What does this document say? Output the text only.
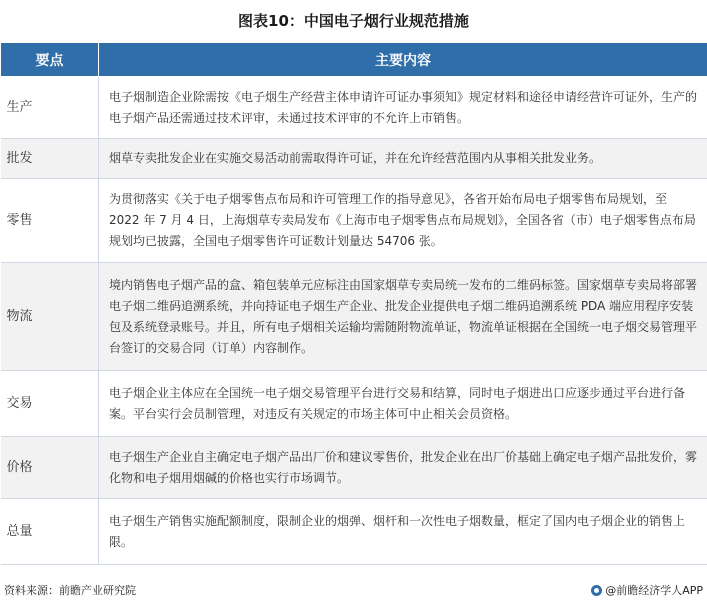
图表10：中国电子烟行业规范措施
要点	主要内容
生产	电子烟制造企业除需按《电子烟生产经营主体申请许可证办事须知》规定材料和途径申请经营许可证外，生产的电子烟产品还需通过技术评审，未通过技术评审的不允许上市销售。
批发	烟草专卖批发企业在实施交易活动前需取得许可证，并在允许经营范围内从事相关批发业务。
零售	为贯彻落实《关于电子烟零售点布局和许可管理工作的指导意见》，各省开始布局电子烟零售布局规划，至 2022 年 7 月 4 日，上海烟草专卖局发布《上海市电子烟零售点布局规划》，全国各省（市）电子烟零售点布局规划均已披露，全国电子烟零售许可证数计划量达 54706 张。
物流	境内销售电子烟产品的盒、箱包装单元应标注由国家烟草专卖局统一发布的二维码标签。国家烟草专卖局将部署电子烟二维码追溯系统，并向持证电子烟生产企业、批发企业提供电子烟二维码追溯系统 PDA 端应用程序安装包及系统登录账号。并且，所有电子烟相关运输均需随附物流单证，物流单证根据在全国统一电子烟交易管理平台签订的交易合同（订单）内容制作。
交易	电子烟企业主体应在全国统一电子烟交易管理平台进行交易和结算，同时电子烟进出口应逐步通过平台进行备案。平台实行会员制管理，对违反有关规定的市场主体可中止相关会员资格。
价格	电子烟生产企业自主确定电子烟产品出厂价和建议零售价，批发企业在出厂价基础上确定电子烟产品批发价，雾化物和电子烟用烟碱的价格也实行市场调节。
总量	电子烟生产销售实施配额制度，限制企业的烟弹、烟杆和一次性电子烟数量，框定了国内电子烟企业的销售上限。
资料来源：前瞻产业研究院	@前瞻经济学人APP
